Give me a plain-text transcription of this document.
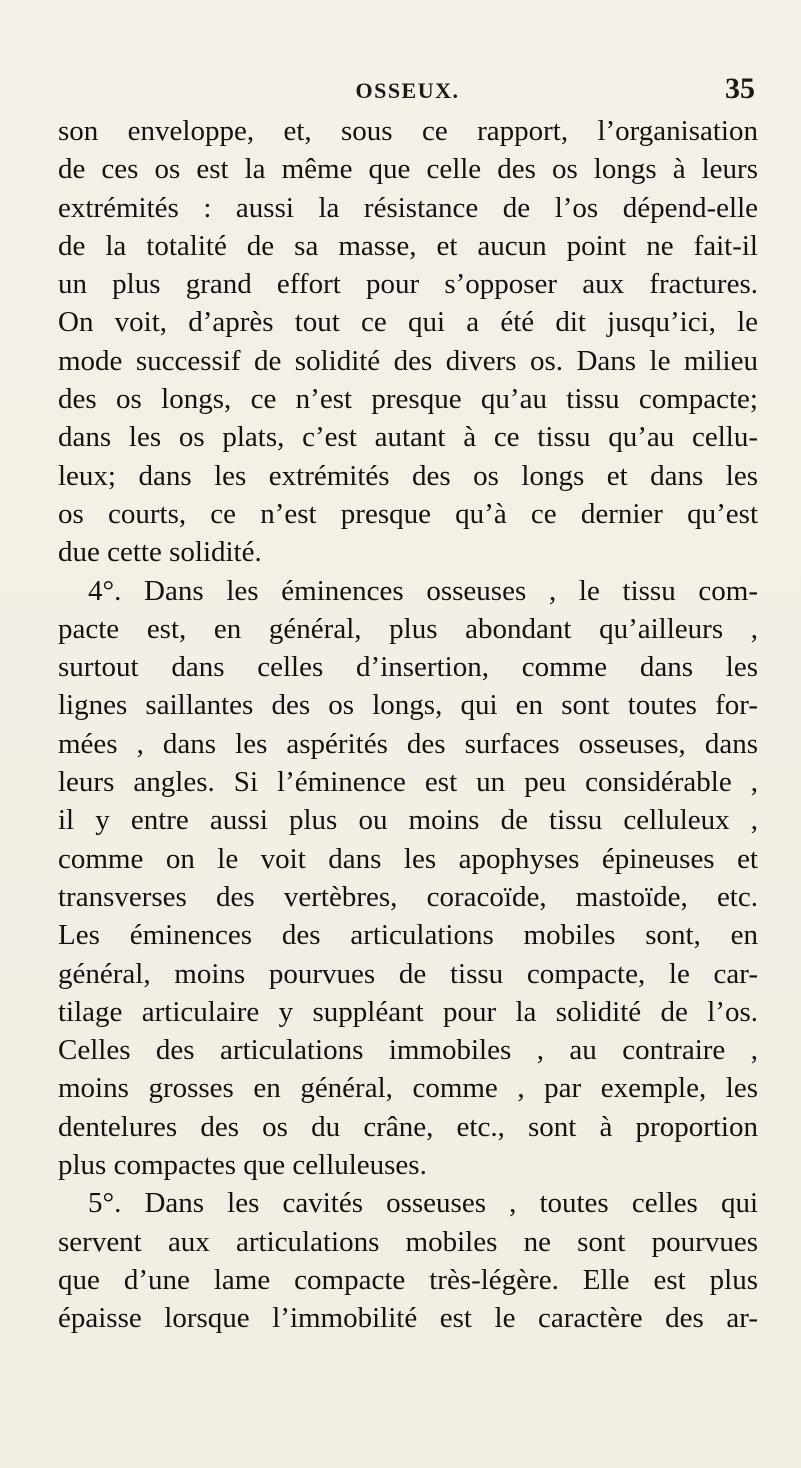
OSSEUX.	35
son enveloppe, et, sous ce rapport, l’organisation
de ces os est la même que celle des os longs à leurs
extrémités : aussi la résistance de l’os dépend-elle
de la totalité de sa masse, et aucun point ne fait-il
un plus grand effort pour s’opposer aux fractures.
On voit, d’après tout ce qui a été dit jusqu’ici, le
mode successif de solidité des divers os. Dans le milieu
des os longs, ce n’est presque qu’au tissu compacte;
dans les os plats, c’est autant à ce tissu qu’au cellu-
leux; dans les extrémités des os longs et dans les
os courts, ce n’est presque qu’à ce dernier qu’est
due cette solidité.
4°. Dans les éminences osseuses , le tissu com-
pacte est, en général, plus abondant qu’ailleurs ,
surtout dans celles d’insertion, comme dans les
lignes saillantes des os longs, qui en sont toutes for-
mées , dans les aspérités des surfaces osseuses, dans
leurs angles. Si l’éminence est un peu considérable ,
il y entre aussi plus ou moins de tissu celluleux ,
comme on le voit dans les apophyses épineuses et
transverses des vertèbres, coracoïde, mastoïde, etc.
Les éminences des articulations mobiles sont, en
général, moins pourvues de tissu compacte, le car-
tilage articulaire y suppléant pour la solidité de l’os.
Celles des articulations immobiles , au contraire ,
moins grosses en général, comme , par exemple, les
dentelures des os du crâne, etc., sont à proportion
plus compactes que celluleuses.
5°. Dans les cavités osseuses , toutes celles qui
servent aux articulations mobiles ne sont pourvues
que d’une lame compacte très-légère. Elle est plus
épaisse lorsque l’immobilité est le caractère des ar-
